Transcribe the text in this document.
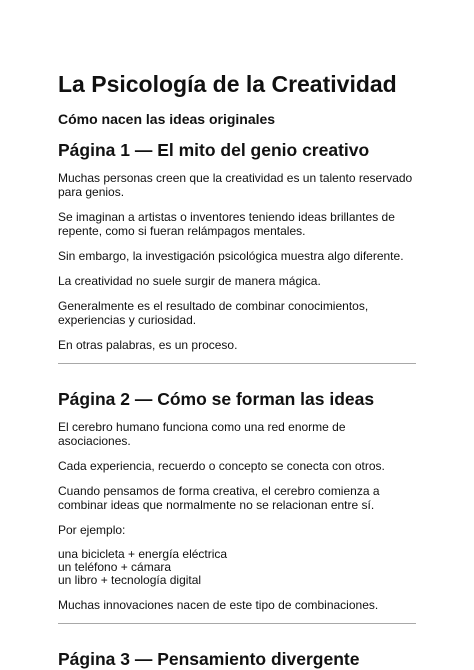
La Psicología de la Creatividad
Cómo nacen las ideas originales
Página 1 — El mito del genio creativo

Muchas personas creen que la creatividad es un talento reservado para genios.

Se imaginan a artistas o inventores teniendo ideas brillantes de repente, como si fueran relámpagos mentales.

Sin embargo, la investigación psicológica muestra algo diferente.

La creatividad no suele surgir de manera mágica.

Generalmente es el resultado de combinar conocimientos, experiencias y curiosidad.

En otras palabras, es un proceso.

Página 2 — Cómo se forman las ideas

El cerebro humano funciona como una red enorme de asociaciones.

Cada experiencia, recuerdo o concepto se conecta con otros.

Cuando pensamos de forma creativa, el cerebro comienza a combinar ideas que normalmente no se relacionan entre sí.

Por ejemplo:

una bicicleta + energía eléctrica
un teléfono + cámara
un libro + tecnología digital

Muchas innovaciones nacen de este tipo de combinaciones.

Página 3 — Pensamiento divergente
